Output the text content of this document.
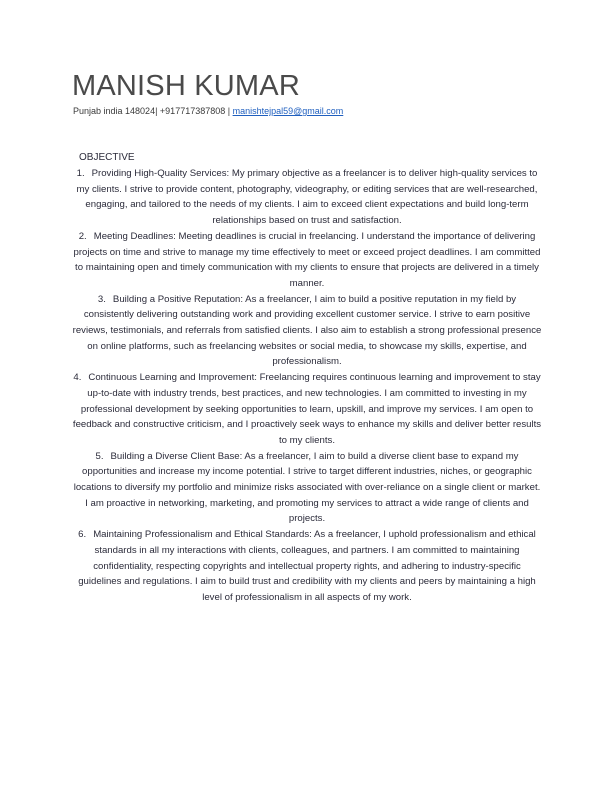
MANISH KUMAR
Punjab india 148024| +917717387808 | manishtejpal59@gmail.com
OBJECTIVE
1. Providing High-Quality Services: My primary objective as a freelancer is to deliver high-quality services to my clients. I strive to provide content, photography, videography, or editing services that are well-researched, engaging, and tailored to the needs of my clients. I aim to exceed client expectations and build long-term relationships based on trust and satisfaction.
2. Meeting Deadlines: Meeting deadlines is crucial in freelancing. I understand the importance of delivering projects on time and strive to manage my time effectively to meet or exceed project deadlines. I am committed to maintaining open and timely communication with my clients to ensure that projects are delivered in a timely manner.
3. Building a Positive Reputation: As a freelancer, I aim to build a positive reputation in my field by consistently delivering outstanding work and providing excellent customer service. I strive to earn positive reviews, testimonials, and referrals from satisfied clients. I also aim to establish a strong professional presence on online platforms, such as freelancing websites or social media, to showcase my skills, expertise, and professionalism.
4. Continuous Learning and Improvement: Freelancing requires continuous learning and improvement to stay up-to-date with industry trends, best practices, and new technologies. I am committed to investing in my professional development by seeking opportunities to learn, upskill, and improve my services. I am open to feedback and constructive criticism, and I proactively seek ways to enhance my skills and deliver better results to my clients.
5. Building a Diverse Client Base: As a freelancer, I aim to build a diverse client base to expand my opportunities and increase my income potential. I strive to target different industries, niches, or geographic locations to diversify my portfolio and minimize risks associated with over-reliance on a single client or market. I am proactive in networking, marketing, and promoting my services to attract a wide range of clients and projects.
6. Maintaining Professionalism and Ethical Standards: As a freelancer, I uphold professionalism and ethical standards in all my interactions with clients, colleagues, and partners. I am committed to maintaining confidentiality, respecting copyrights and intellectual property rights, and adhering to industry-specific guidelines and regulations. I aim to build trust and credibility with my clients and peers by maintaining a high level of professionalism in all aspects of my work.
